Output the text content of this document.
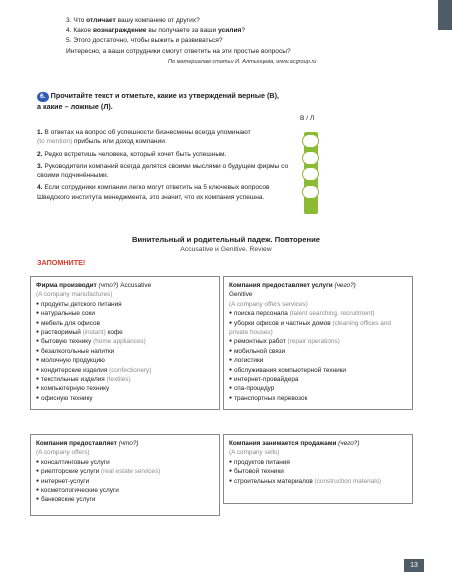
3. Что отличает вашу компанию от других?

4. Какое вознаграждение вы получаете за ваши усилия?

5. Этого достаточно, чтобы выжить и развиваться?

Интересно, а ваши сотрудники смогут ответить на эти простые вопросы?

По материалам статьи И. Алтынцева, www.acgroup.ru
6. Прочитайте текст и отметьте, какие из утверждений верные (В),
а какие – ложные (Л).
В / Л
1. В ответах на вопрос об успешности бизнесмены всегда упоминают
(to mention) прибыль или доход компании.
2. Редко встретишь человека, который хочет быть успешным.
3. Руководители компаний всегда делятся своими мыслями о будущем фирмы со своими подчинёнными.
4. Если сотрудники компании легко могут ответить на 5 ключевых вопросов Шведского института менеджмента, это значит, что их компания успешна.
Винительный и родительный падеж. Повторение
Accusative и Genitive. Review
ЗАПОМНИТЕ!
Фирма производит (что?) Accusative
(A company manufactures)
● продукты детского питания
● натуральные соки
● мебель для офисов
● растворимый (instant) кофе
● бытовую технику (home appliances)
● безалкогольные напитки
● молочную продукцию
● кондитерские изделия (confectionery)
● текстильные изделия (textiles)
● компьютерную технику
● офисную технику
Компания предоставляет услуги (чего?)
Genitive
(A company offers services)
● поиска персонала (talent searching, recruitment)
● уборки офисов и частных домов (cleaning offices and private houses)
● ремонтных работ (repair operations)
● мобильной связи
● логистики
● обслуживания компьютерной техники
● интернет-провайдера
● спа-процедур
● транспортных перевозок
Компания предоставляет (что?)
(A company offers)
● консалтинговые услуги
● риелторские услуги (real estate services)
● интернет-услуги
● косметологические услуги
● банковские услуги
Компания занимается продажами (чего?)
(A company sells)
● продуктов питания
● бытовой техники
● строительных материалов (construction materials)
13
